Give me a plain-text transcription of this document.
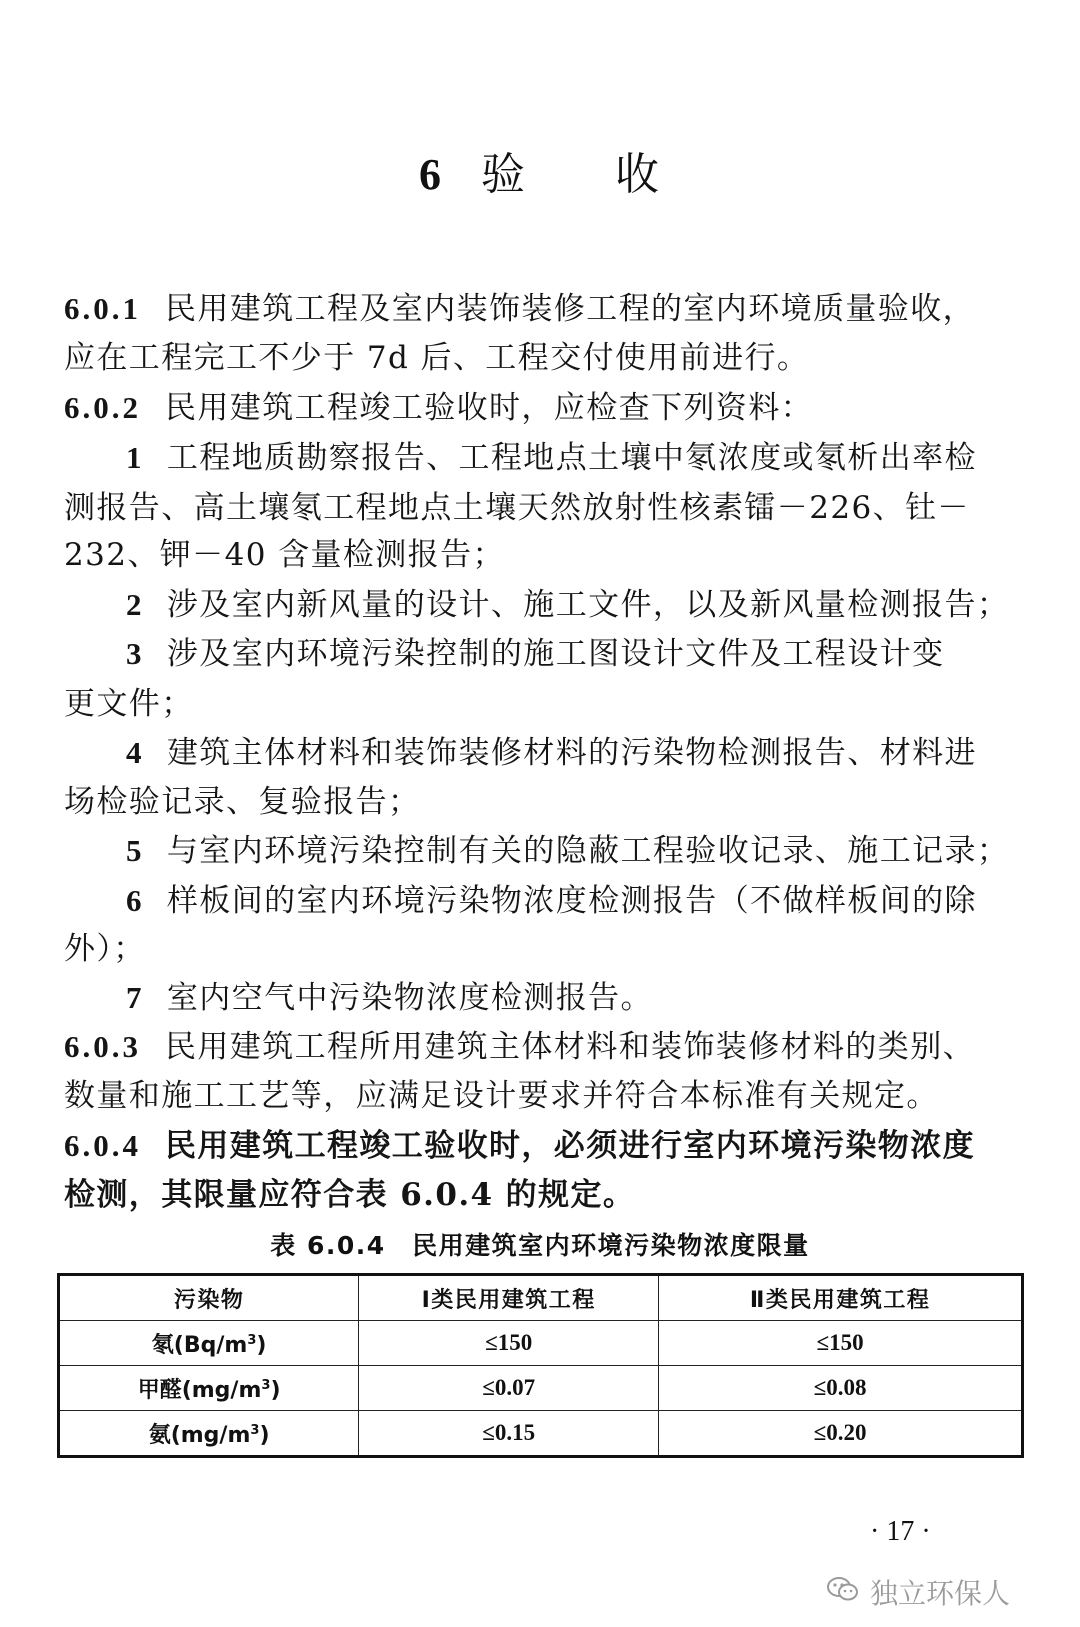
6 验 收
6.0.1 民用建筑工程及室内装饰装修工程的室内环境质量验收，
应在工程完工不少于 7d 后、工程交付使用前进行。
6.0.2 民用建筑工程竣工验收时，应检查下列资料：
1 工程地质勘察报告、工程地点土壤中氡浓度或氡析出率检
测报告、高土壤氡工程地点土壤天然放射性核素镭－226、钍－
232、钾－40 含量检测报告；
2 涉及室内新风量的设计、施工文件，以及新风量检测报告；
3 涉及室内环境污染控制的施工图设计文件及工程设计变
更文件；
4 建筑主体材料和装饰装修材料的污染物检测报告、材料进
场检验记录、复验报告；
5 与室内环境污染控制有关的隐蔽工程验收记录、施工记录；
6 样板间的室内环境污染物浓度检测报告（不做样板间的除
外）；
7 室内空气中污染物浓度检测报告。
6.0.3 民用建筑工程所用建筑主体材料和装饰装修材料的类别、
数量和施工工艺等，应满足设计要求并符合本标准有关规定。
6.0.4 民用建筑工程竣工验收时，必须进行室内环境污染物浓度
检测，其限量应符合表 6.0.4 的规定。
表 6.0.4　民用建筑室内环境污染物浓度限量
污染物	Ⅰ类民用建筑工程	Ⅱ类民用建筑工程
氡$(Bq/m^3)$	≤150	≤150
甲醛$(mg/m^3)$	≤0.07	≤0.08
氨$(mg/m^3)$	≤0.15	≤0.20
· 17 ·
独立环保人
